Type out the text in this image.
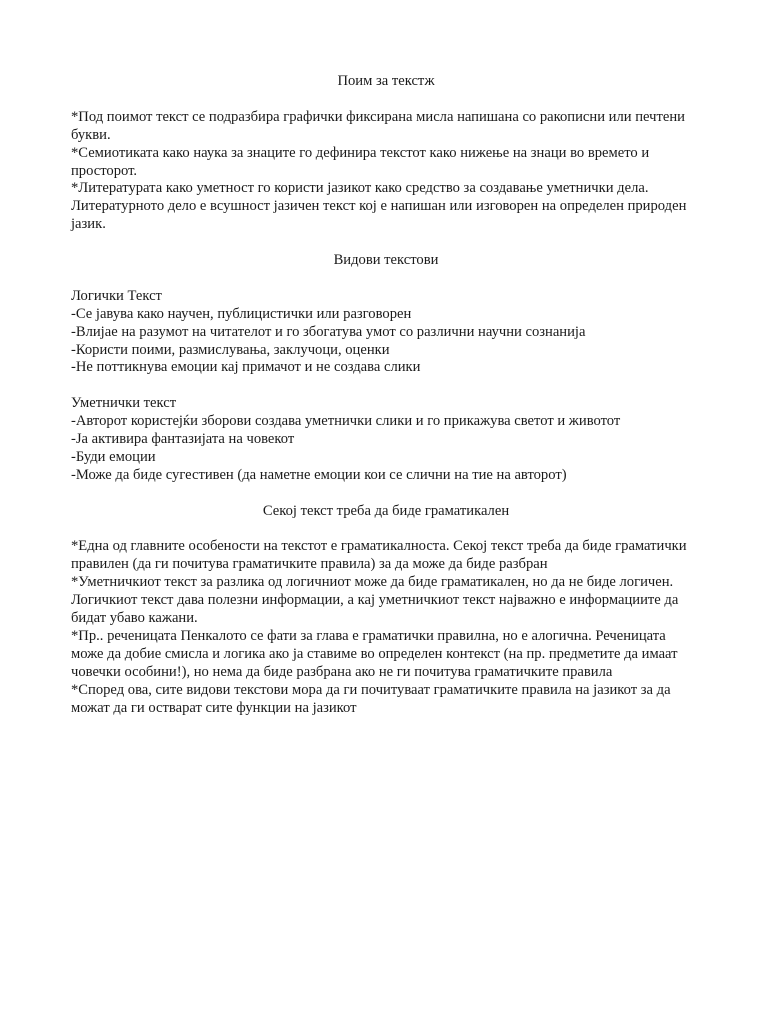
Поим за текстж

*Под поимот текст се подразбира графички фиксирана мисла напишана со ракописни или печтени букви.
*Семиотиката како наука за знаците го дефинира текстот како нижење на знаци во времето и просторот.
*Литературата како уметност го користи јазикот како средство за создавање уметнички дела. Литературното дело е всушност јазичен текст кој е напишан или изговорен на определен природен јазик.

Видови текстови

Логички Текст
-Се јавува како научен, публицистички или разговорен
-Влијае на разумот на читателот и го збогатува умот со различни научни сознанија
-Користи поими, размислувања, заклучоци, оценки
-Не поттикнува емоции кај примачот и не создава слики
Уметнички текст
-Авторот користејќи зборови создава уметнички слики и го прикажува светот и животот
-Ја активира фантазијата на човекот
-Буди емоции
-Може да биде сугестивен (да наметне емоции кои се слични на тие на авторот)

Секој текст треба да биде граматикален

*Една од главните особености на текстот е граматикалноста. Секој текст треба да биде граматички правилен (да ги почитува граматичките правила) за да може да биде разбран
*Уметничкиот текст за разлика од логичниот може да биде граматикален, но да не биде логичен. Логичкиот текст дава полезни информации, а кај уметничкиот текст најважно е информациите да бидат убаво кажани.
*Пр.. реченицата Пенкалото се фати за глава е граматички правилна, но е алогична. Реченицата може да добие смисла и логика ако ја ставиме во определен контекст (на пр. предметите да имаат човечки особини!), но нема да биде разбрана ако не ги почитува граматичките правила
*Според ова, сите видови текстови мора да ги почитуваат граматичките правила на јазикот за да можат да ги остварат сите функции на јазикот
